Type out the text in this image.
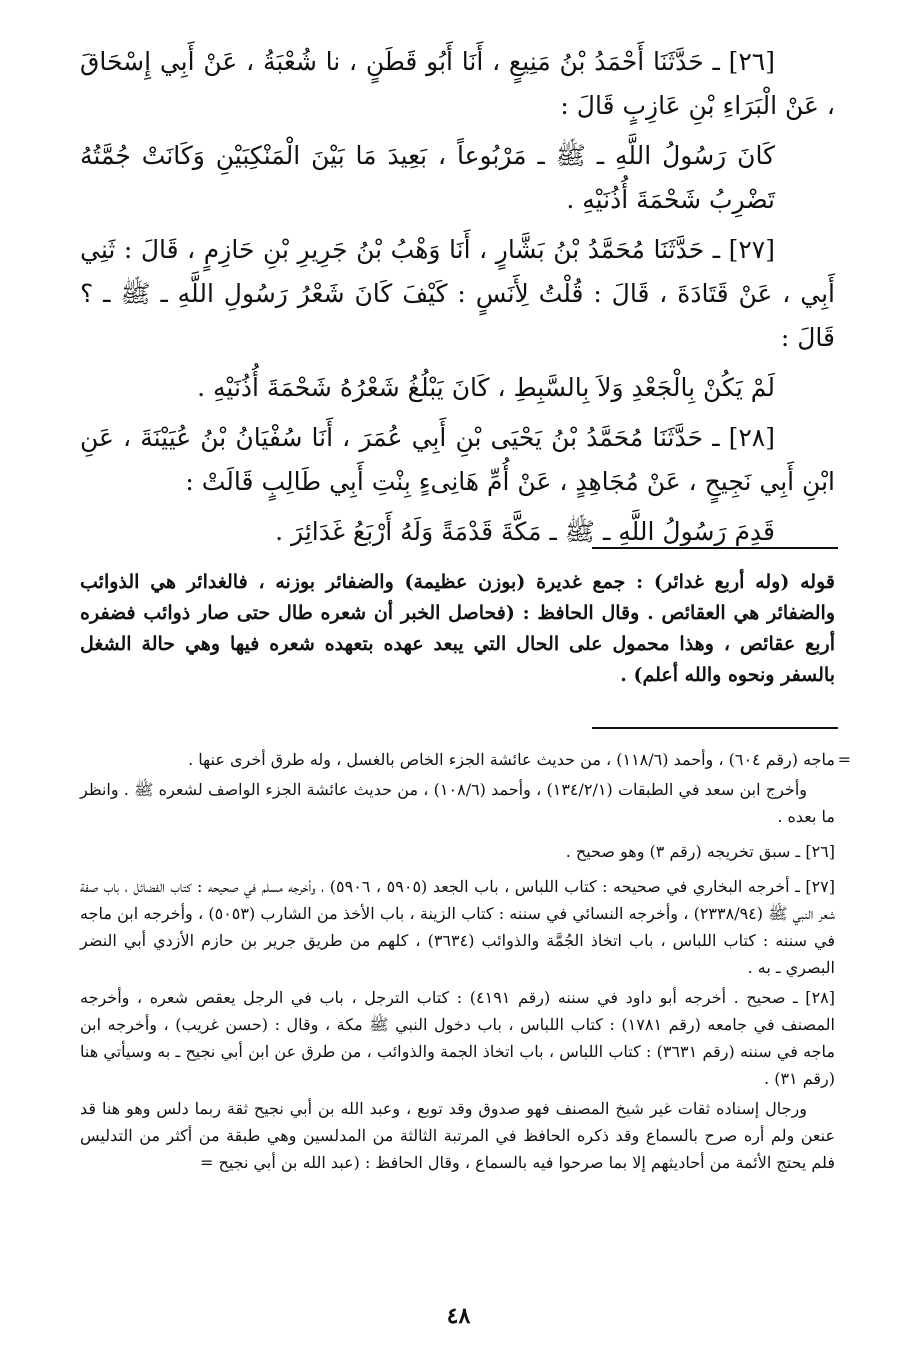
[٢٦] ـ حَدَّثَنَا أَحْمَدُ بْنُ مَنِيعٍ ، أَنَا أَبُو قَطَنٍ ، نا شُعْبَةُ ، عَنْ أَبِي إِسْحَاقَ ، عَنْ الْبَرَاءِ بْنِ عَازِبٍ قَالَ :

كَانَ رَسُولُ اللَّهِ ـ ﷺ ـ مَرْبُوعاً ، بَعِيدَ مَا بَيْنَ الْمَنْكِبَيْنِ وَكَانَتْ جُمَّتُهُ تَضْرِبُ شَحْمَةَ أُذُنَيْهِ .

[٢٧] ـ حَدَّثَنَا مُحَمَّدُ بْنُ بَشَّارٍ ، أَنَا وَهْبُ بْنُ جَرِيرِ بْنِ حَازِمٍ ، قَالَ : ثَنِي أَبِي ، عَنْ قَتَادَةَ ، قَالَ : قُلْتُ لِأَنَسٍ : كَيْفَ كَانَ شَعْرُ رَسُولِ اللَّهِ ـ ﷺ ـ ؟ قَالَ :

لَمْ يَكُنْ بِالْجَعْدِ وَلاَ بِالسَّبِطِ ، كَانَ يَبْلُغُ شَعْرُهُ شَحْمَةَ أُذُنَيْهِ .

[٢٨] ـ حَدَّثَنَا مُحَمَّدُ بْنُ يَحْيَى بْنِ أَبِي عُمَرَ ، أَنَا سُفْيَانُ بْنُ عُيَيْنَةَ ، عَنِ ابْنِ أَبِي نَجِيحٍ ، عَنْ مُجَاهِدٍ ، عَنْ أُمِّ هَانِىءٍ بِنْتِ أَبِي طَالِبٍ قَالَتْ :

قَدِمَ رَسُولُ اللَّهِ ـ ﷺ ـ مَكَّةَ قَدْمَةً وَلَهُ أَرْبَعُ غَدَائِرَ .

قوله (وله أربع غدائر) : جمع غديرة (بوزن عظيمة) والضفائر بوزنه ، فالغدائر هي الذوائب والضفائر هي العقائص . وقال الحافظ : (فحاصل الخبر أن شعره طال حتى صار ذوائب فضفره أربع عقائص ، وهذا محمول على الحال التي يبعد عهده بتعهده شعره فيها وهي حالة الشغل بالسفر ونحوه والله أعلم) .

=

ماجه (رقم ٦٠٤) ، وأحمد (١١٨/٦) ، من حديث عائشة الجزء الخاص بالغسل ، وله طرق أخرى عنها .

وأخرج ابن سعد في الطبقات (١٣٤/٢/١) ، وأحمد (١٠٨/٦) ، من حديث عائشة الجزء الواصف لشعره ﷺ . وانظر ما بعده .

[٢٦] ـ سبق تخريجه (رقم ٣) وهو صحيح .

[٢٧] ـ أخرجه البخاري في صحيحه : كتاب اللباس ، باب الجعد (٥٩٠٥ ، ٥٩٠٦) ، وأخرجه مسلم في صحيحه : كتاب الفضائل ، باب صفة شعر النبي ﷺ (٢٣٣٨/٩٤) ، وأخرجه النسائي في سننه : كتاب الزينة ، باب الأخذ من الشارب (٥٠٥٣) ، وأخرجه ابن ماجه في سننه : كتاب اللباس ، باب اتخاذ الجُمَّة والذوائب (٣٦٣٤) ، كلهم من طريق جرير بن حازم الأزدي أبي النضر البصري ـ به .

[٢٨] ـ صحيح . أخرجه أبو داود في سننه (رقم ٤١٩١) : كتاب الترجل ، باب في الرجل يعقص شعره ، وأخرجه المصنف في جامعه (رقم ١٧٨١) : كتاب اللباس ، باب دخول النبي ﷺ مكة ، وقال : (حسن غريب) ، وأخرجه ابن ماجه في سننه (رقم ٣٦٣١) : كتاب اللباس ، باب اتخاذ الجمة والذوائب ، من طرق عن ابن أبي نجيح ـ به وسيأتي هنا (رقم ٣١) .

ورجال إسناده ثقات غير شيخ المصنف فهو صدوق وقد توبع ، وعبد الله بن أبي نجيح ثقة ربما دلس وهو هنا قد عنعن ولم أره صرح بالسماع وقد ذكره الحافظ في المرتبة الثالثة من المدلسين وهي طبقة من أكثر من التدليس فلم يحتج الأئمة من أحاديثهم إلا بما صرحوا فيه بالسماع ، وقال الحافظ : (عبد الله بن أبي نجيح =

٤٨
